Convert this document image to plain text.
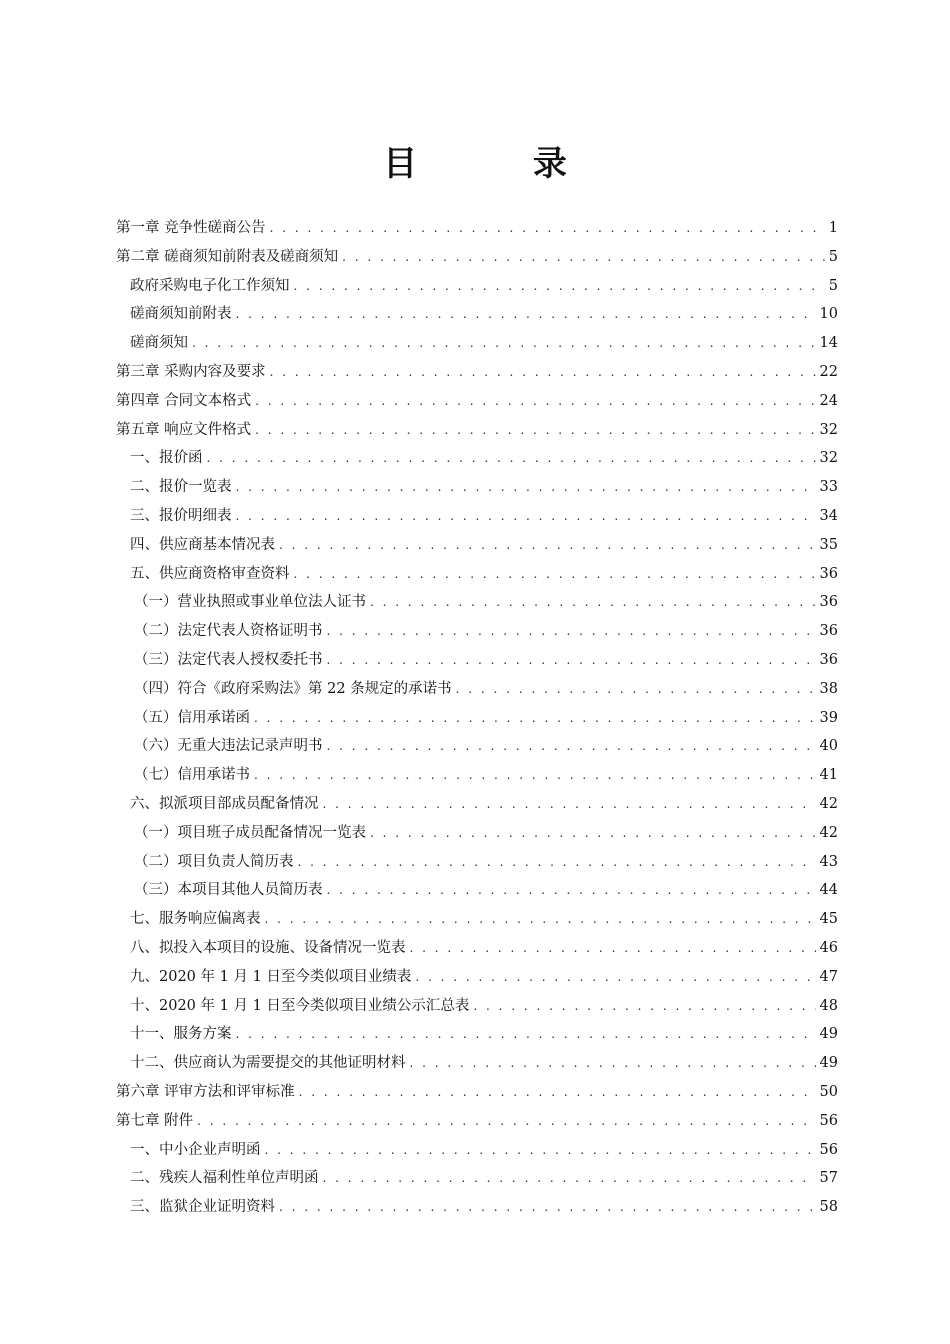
目 录
第一章 竞争性磋商公告 . . .	1
第二章 磋商须知前附表及磋商须知 . . .	5
政府采购电子化工作须知 . . .	5
磋商须知前附表 . . .	10
磋商须知 . . .	14
第三章 采购内容及要求 . . .	22
第四章 合同文本格式 . . .	24
第五章 响应文件格式 . . .	32
一、报价函 . . .	32
二、报价一览表 . . .	33
三、报价明细表 . . .	34
四、供应商基本情况表 . . .	35
五、供应商资格审查资料 . . .	36
（一）营业执照或事业单位法人证书 . . .	36
（二）法定代表人资格证明书 . . .	36
（三）法定代表人授权委托书 . . .	36
（四）符合《政府采购法》第 22 条规定的承诺书 . . .	38
（五）信用承诺函 . . .	39
（六）无重大违法记录声明书 . . .	40
（七）信用承诺书 . . .	41
六、拟派项目部成员配备情况 . . .	42
（一）项目班子成员配备情况一览表 . . .	42
（二）项目负责人简历表 . . .	43
（三）本项目其他人员简历表 . . .	44
七、服务响应偏离表 . . .	45
八、拟投入本项目的设施、设备情况一览表 . . .	46
九、2020 年 1 月 1 日至今类似项目业绩表 . . .	47
十、2020 年 1 月 1 日至今类似项目业绩公示汇总表 . . .	48
十一、服务方案 . . .	49
十二、供应商认为需要提交的其他证明材料 . . .	49
第六章 评审方法和评审标准 . . .	50
第七章 附件 . . .	56
一、中小企业声明函 . . .	56
二、残疾人福利性单位声明函 . . .	57
三、监狱企业证明资料 . . .	58
